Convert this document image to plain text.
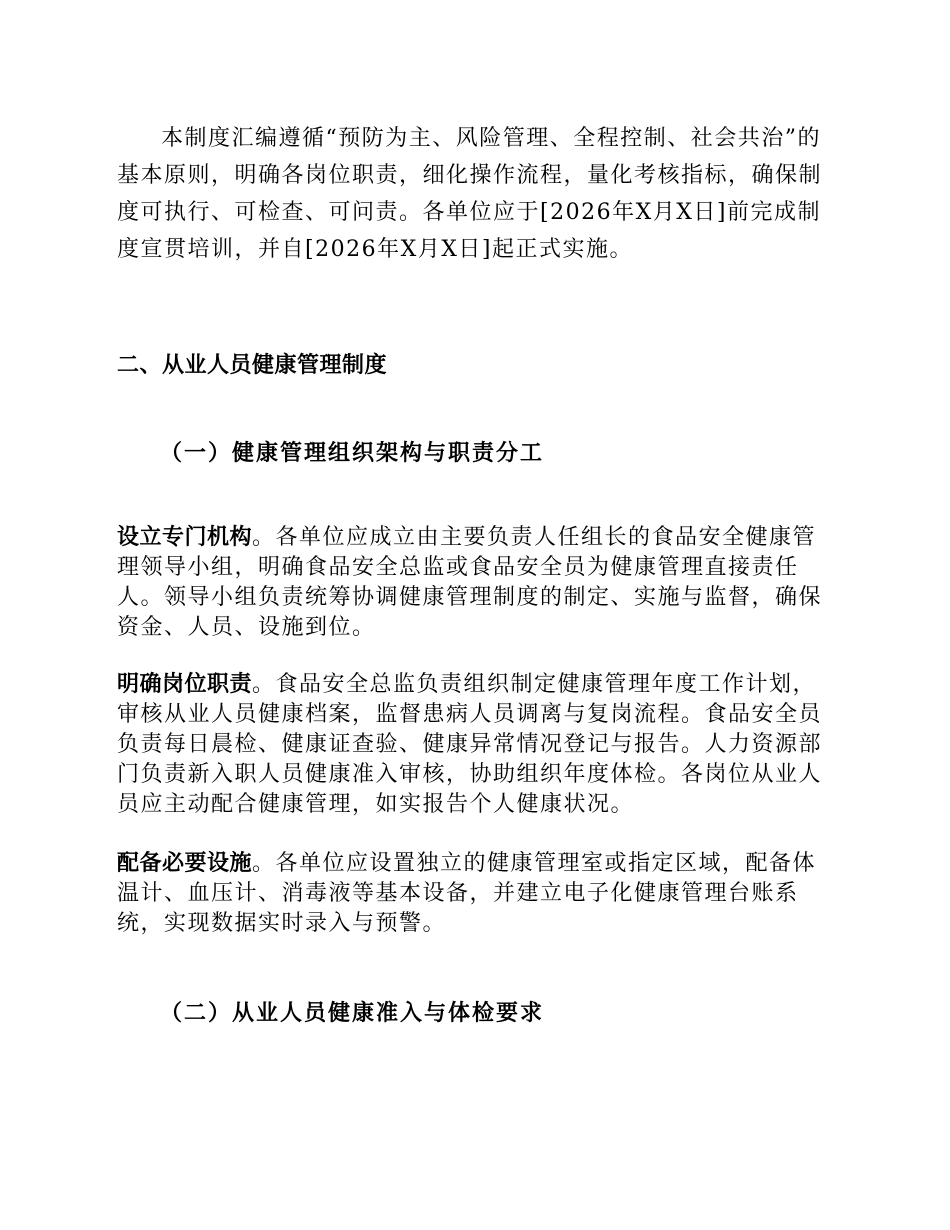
本制度汇编遵循“预防为主、风险管理、全程控制、社会共治”的基本原则，明确各岗位职责，细化操作流程，量化考核指标，确保制度可执行、可检查、可问责。各单位应于[2026年X月X日]前完成制度宣贯培训，并自[2026年X月X日]起正式实施。

二、从业人员健康管理制度
（一）健康管理组织架构与职责分工

设立专门机构。各单位应成立由主要负责人任组长的食品安全健康管理领导小组，明确食品安全总监或食品安全员为健康管理直接责任人。领导小组负责统筹协调健康管理制度的制定、实施与监督，确保资金、人员、设施到位。

明确岗位职责。食品安全总监负责组织制定健康管理年度工作计划，审核从业人员健康档案，监督患病人员调离与复岗流程。食品安全员负责每日晨检、健康证查验、健康异常情况登记与报告。人力资源部门负责新入职人员健康准入审核，协助组织年度体检。各岗位从业人员应主动配合健康管理，如实报告个人健康状况。

配备必要设施。各单位应设置独立的健康管理室或指定区域，配备体温计、血压计、消毒液等基本设备，并建立电子化健康管理台账系统，实现数据实时录入与预警。

（二）从业人员健康准入与体检要求
